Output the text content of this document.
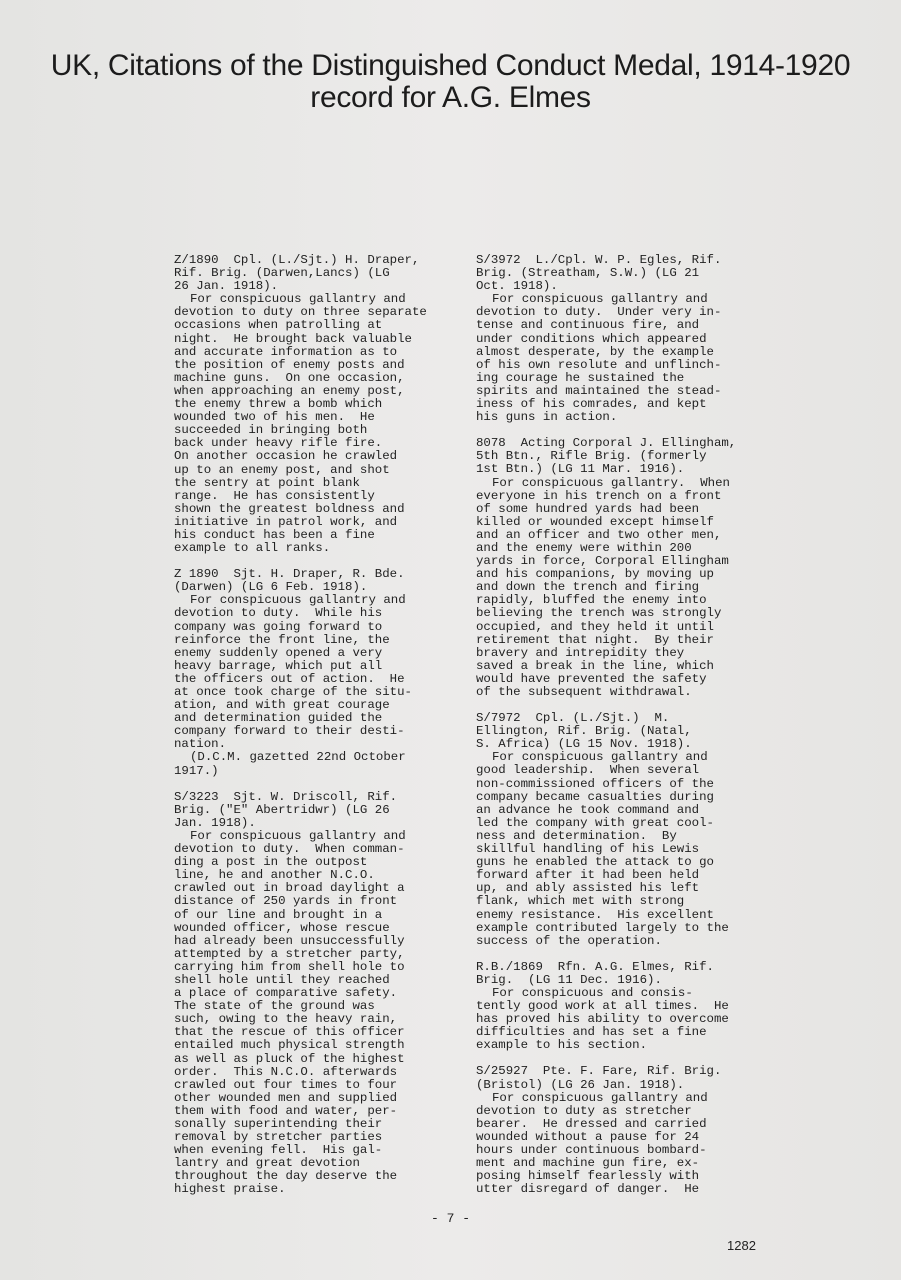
UK, Citations of the Distinguished Conduct Medal, 1914-1920
record for A.G. Elmes
Z/1890  Cpl. (L./Sjt.) H. Draper,
Rif. Brig. (Darwen,Lancs) (LG
26 Jan. 1918).
For conspicuous gallantry and
devotion to duty on three separate
occasions when patrolling at
night.  He brought back valuable
and accurate information as to
the position of enemy posts and
machine guns.  On one occasion,
when approaching an enemy post,
the enemy threw a bomb which
wounded two of his men.  He
succeeded in bringing both
back under heavy rifle fire.
On another occasion he crawled
up to an enemy post, and shot
the sentry at point blank
range.  He has consistently
shown the greatest boldness and
initiative in patrol work, and
his conduct has been a fine
example to all ranks.
Z 1890  Sjt. H. Draper, R. Bde.
(Darwen) (LG 6 Feb. 1918).
For conspicuous gallantry and
devotion to duty.  While his
company was going forward to
reinforce the front line, the
enemy suddenly opened a very
heavy barrage, which put all
the officers out of action.  He
at once took charge of the situ-
ation, and with great courage
and determination guided the
company forward to their desti-
nation.
(D.C.M. gazetted 22nd October
1917.)
S/3223  Sjt. W. Driscoll, Rif.
Brig. ("E" Abertridwr) (LG 26
Jan. 1918).
For conspicuous gallantry and
devotion to duty.  When comman-
ding a post in the outpost
line, he and another N.C.O.
crawled out in broad daylight a
distance of 250 yards in front
of our line and brought in a
wounded officer, whose rescue
had already been unsuccessfully
attempted by a stretcher party,
carrying him from shell hole to
shell hole until they reached
a place of comparative safety.
The state of the ground was
such, owing to the heavy rain,
that the rescue of this officer
entailed much physical strength
as well as pluck of the highest
order.  This N.C.O. afterwards
crawled out four times to four
other wounded men and supplied
them with food and water, per-
sonally superintending their
removal by stretcher parties
when evening fell.  His gal-
lantry and great devotion
throughout the day deserve the
highest praise.
S/3972  L./Cpl. W. P. Egles, Rif.
Brig. (Streatham, S.W.) (LG 21
Oct. 1918).
For conspicuous gallantry and
devotion to duty.  Under very in-
tense and continuous fire, and
under conditions which appeared
almost desperate, by the example
of his own resolute and unflinch-
ing courage he sustained the
spirits and maintained the stead-
iness of his comrades, and kept
his guns in action.
8078  Acting Corporal J. Ellingham,
5th Btn., Rifle Brig. (formerly
1st Btn.) (LG 11 Mar. 1916).
For conspicuous gallantry.  When
everyone in his trench on a front
of some hundred yards had been
killed or wounded except himself
and an officer and two other men,
and the enemy were within 200
yards in force, Corporal Ellingham
and his companions, by moving up
and down the trench and firing
rapidly, bluffed the enemy into
believing the trench was strongly
occupied, and they held it until
retirement that night.  By their
bravery and intrepidity they
saved a break in the line, which
would have prevented the safety
of the subsequent withdrawal.
S/7972  Cpl. (L./Sjt.)  M.
Ellington, Rif. Brig. (Natal,
S. Africa) (LG 15 Nov. 1918).
For conspicuous gallantry and
good leadership.  When several
non-commissioned officers of the
company became casualties during
an advance he took command and
led the company with great cool-
ness and determination.  By
skillful handling of his Lewis
guns he enabled the attack to go
forward after it had been held
up, and ably assisted his left
flank, which met with strong
enemy resistance.  His excellent
example contributed largely to the
success of the operation.
R.B./1869  Rfn. A.G. Elmes, Rif.
Brig.  (LG 11 Dec. 1916).
For conspicuous and consis-
tently good work at all times.  He
has proved his ability to overcome
difficulties and has set a fine
example to his section.
S/25927  Pte. F. Fare, Rif. Brig.
(Bristol) (LG 26 Jan. 1918).
For conspicuous gallantry and
devotion to duty as stretcher
bearer.  He dressed and carried
wounded without a pause for 24
hours under continuous bombard-
ment and machine gun fire, ex-
posing himself fearlessly with
utter disregard of danger.  He
- 7 -
1282
